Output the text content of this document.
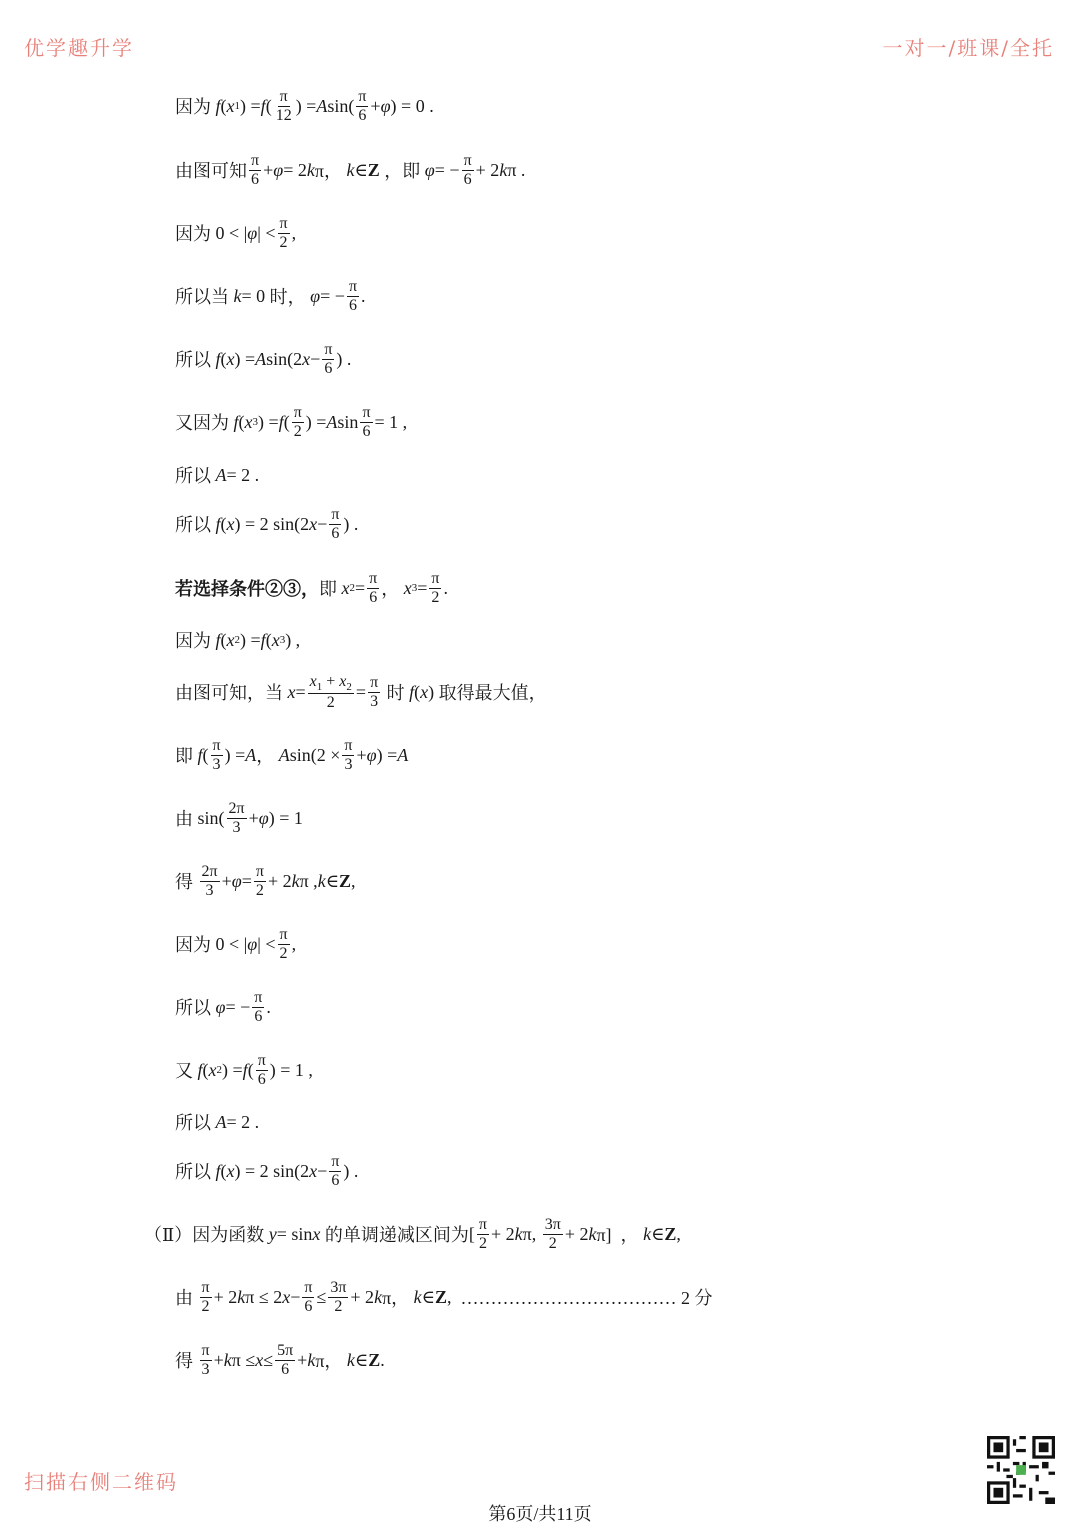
优学趣升学	一对一/班课/全托
因为 f ( x 1 ) = f ( $\frac{\pi}{12}$ ) = A $\sin( \frac{\pi}{6} + \varphi$ ) = 0 .
由图可知 $\frac{\pi}{6} + \varphi = 2$ k π， k ∈ Z
，即
φ = − $\frac{\pi}{6} + 2$ k π .
因为 0 < | φ | < $\frac{\pi}{2}$ ,
所以当
k = 0 时，
φ = − $\frac{\pi}{6}$ .
所以
f ( x ) = A sin(2 $x - \frac{\pi}{6}$ ) .
又因为
f ( x 3 ) = f ( $\frac{\pi}{2}$ ) = A $\sin \frac{\pi}{6} = 1$ ,
所以
A = 2 .
所以
f ( x ) = 2 sin(2 $x - \frac{\pi}{6}$ ) .
若选择条件②③， 即
x $2 = \frac{\pi}{6}$ ， x $3 = \frac{\pi}{2}$ .
因为
f ( x 2 ) = f ( x 3 ) ,
由图可知，当
$x = \frac{x_1 + x_2}{2} = \frac{\pi}{3}$
时
f ( x ) 取得最大值，
即
f ( $\frac{\pi}{3}$ ) = A ， A $\sin(2 \times \frac{\pi}{3} + \varphi$ ) = A
由 $\sin( \frac{2\pi}{3} + \varphi$ ) = 1
得
$\frac{2\pi}{3} + \varphi = \frac{\pi}{2} + 2$ k π , k ∈ Z ,
因为 0 < | φ | < $\frac{\pi}{2}$ ,
所以
φ = − $\frac{\pi}{6}$ .
又
f ( x 2 ) = f ( $\frac{\pi}{6}$ ) = 1 ,
所以
A = 2 .
所以
f ( x ) = 2 sin(2 $x - \frac{\pi}{6}$ ) .
（Ⅱ）因为函数
y = sin x
的单调递减区间为 [ $\frac{\pi}{2} + 2$ k π, $\frac{3\pi}{2} + 2$ k π]  ， k ∈ Z ,
由
$\frac{\pi}{2} + 2$ k π ≤ 2 $x - \frac{\pi}{6} \le \frac{3\pi}{2} + 2$ k π， k ∈ Z , ……………………………… 2 分
得
$\frac{\pi}{3} + k$ $\pi \le x \le \frac{5\pi}{6} + k$ π， k ∈ Z .
扫描右侧二维码
第6页/共11页
